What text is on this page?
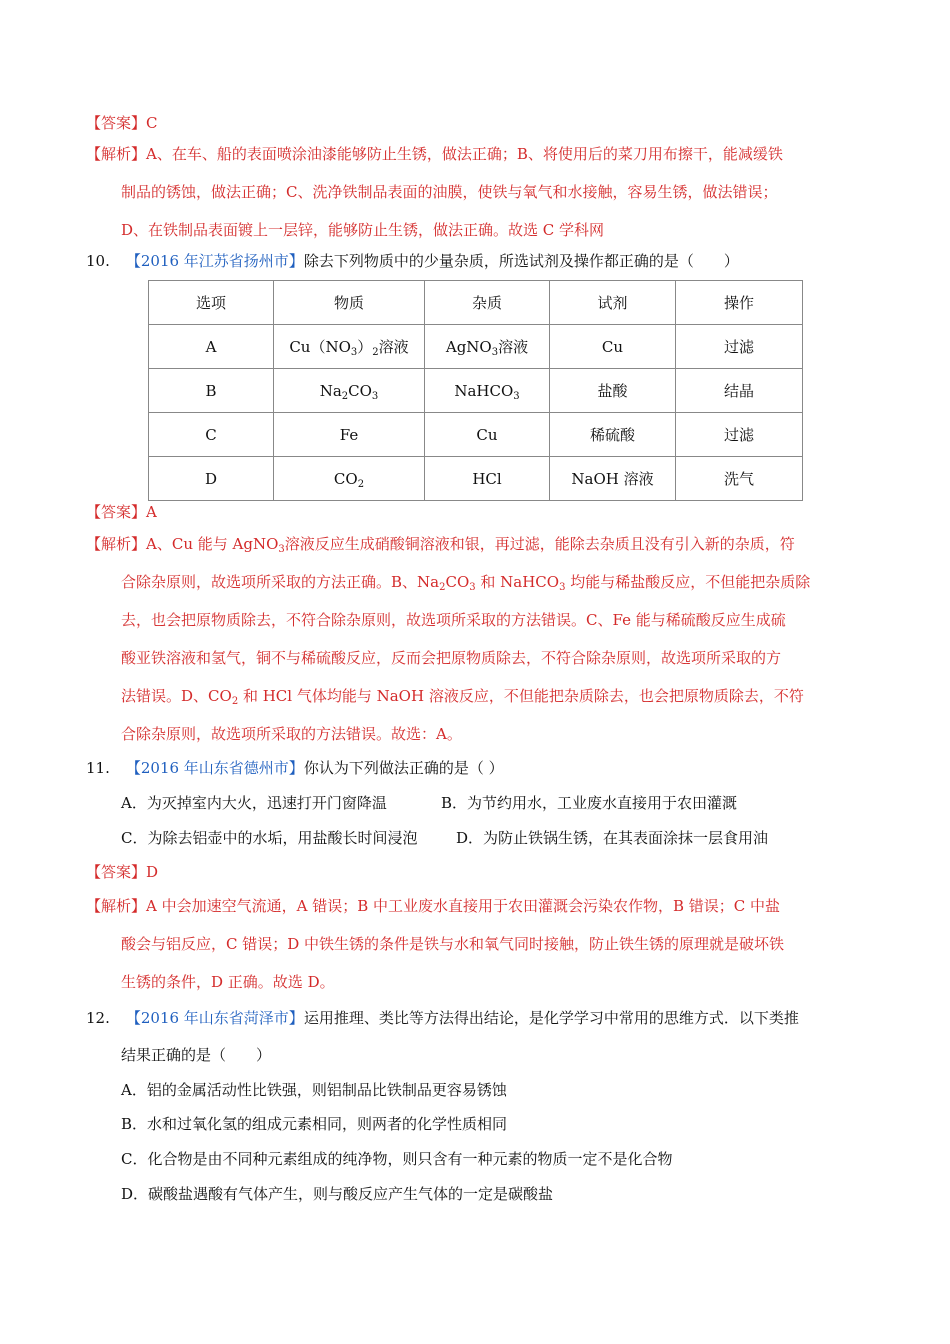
【答案】C
【解析】A、在车、船的表面喷涂油漆能够防止生锈，做法正确；B、将使用后的菜刀用布擦干，能减缓铁
制品的锈蚀，做法正确；C、洗净铁制品表面的油膜，使铁与氧气和水接触，容易生锈，做法错误；
D、在铁制品表面镀上一层锌，能够防止生锈，做法正确。故选 C 学科网
10. 【2016 年江苏省扬州市】除去下列物质中的少量杂质，所选试剂及操作都正确的是（　　）
选项	物质	杂质	试剂	操作
A	$Cu(NO_3)_2$溶液	AgNO$_3$溶液	Cu	过滤
B	$Na_2CO_3$	NaHCO$_3$	盐酸	结晶
C	Fe	Cu	稀硫酸	过滤
D	$CO_2$	HCl	NaOH 溶液	洗气
【答案】A
【解析】A、Cu 能与 AgNO$_3$溶液反应生成硝酸铜溶液和银，再过滤，能除去杂质且没有引入新的杂质，符
合除杂原则，故选项所采取的方法正确。B、$Na_2CO_3$ 和 NaHCO$_3$ 均能与稀盐酸反应，不但能把杂质除
去，也会把原物质除去，不符合除杂原则，故选项所采取的方法错误。C、Fe 能与稀硫酸反应生成硫
酸亚铁溶液和氢气，铜不与稀硫酸反应，反而会把原物质除去，不符合除杂原则，故选项所采取的方
法错误。D、$CO_2$ 和 HCl 气体均能与 NaOH 溶液反应，不但能把杂质除去，也会把原物质除去，不符
合除杂原则，故选项所采取的方法错误。故选：A。
11. 【2016 年山东省德州市】你认为下列做法正确的是（ ）
A．为灭掉室内大火，迅速打开门窗降温	B．为节约用水，工业废水直接用于农田灌溉
C．为除去铝壶中的水垢，用盐酸长时间浸泡	D．为防止铁锅生锈，在其表面涂抹一层食用油
【答案】D
【解析】A 中会加速空气流通，A 错误；B 中工业废水直接用于农田灌溉会污染农作物，B 错误；C 中盐
酸会与铝反应，C 错误；D 中铁生锈的条件是铁与水和氧气同时接触，防止铁生锈的原理就是破坏铁
生锈的条件，D 正确。故选 D。
12. 【2016 年山东省菏泽市】运用推理、类比等方法得出结论，是化学学习中常用的思维方式．以下类推
结果正确的是（　　）
A．铝的金属活动性比铁强，则铝制品比铁制品更容易锈蚀
B．水和过氧化氢的组成元素相同，则两者的化学性质相同
C．化合物是由不同种元素组成的纯净物，则只含有一种元素的物质一定不是化合物
D．碳酸盐遇酸有气体产生，则与酸反应产生气体的一定是碳酸盐
